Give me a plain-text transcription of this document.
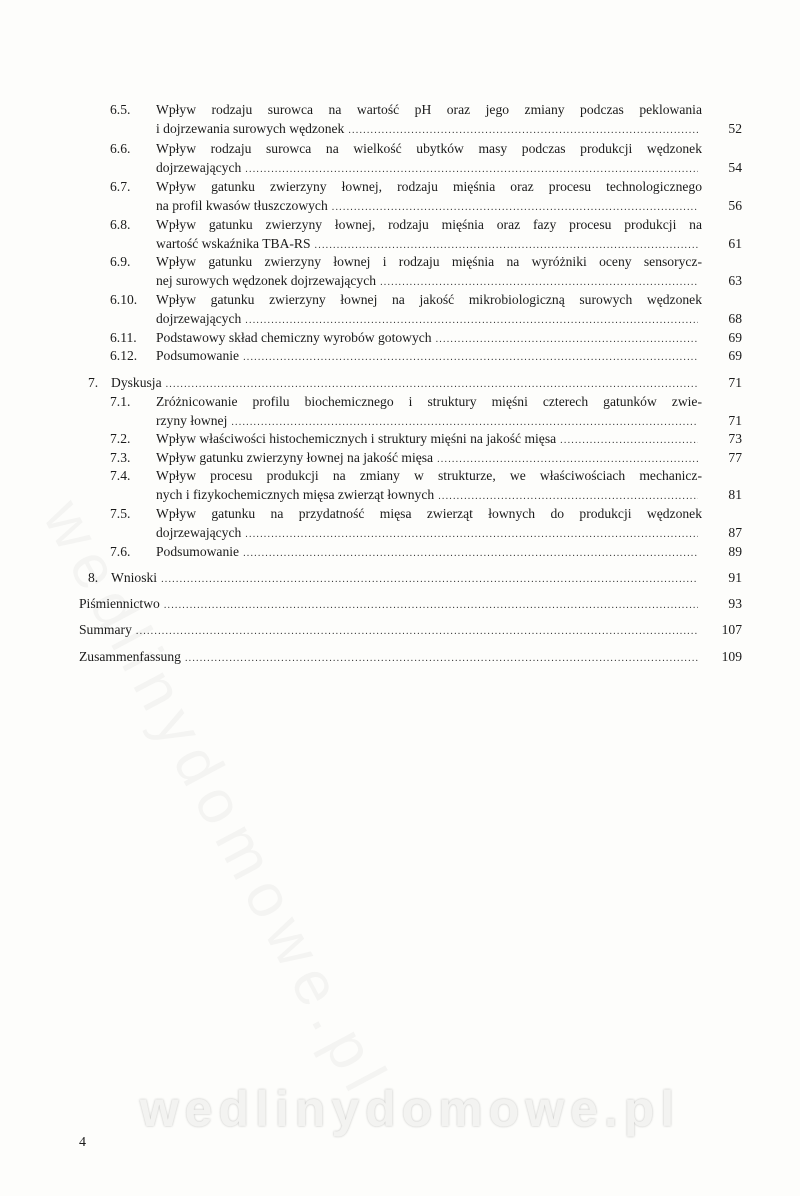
wedlinydomowe.pl
6.5. Wpływ rodzaju surowca na wartość pH oraz jego zmiany podczas peklowania
i dojrzewania surowych wędzonek .....	52
6.6. Wpływ rodzaju surowca na wielkość ubytków masy podczas produkcji wędzonek
dojrzewających .....	54
6.7. Wpływ gatunku zwierzyny łownej, rodzaju mięśnia oraz procesu technologicznego
na profil kwasów tłuszczowych .....	56
6.8. Wpływ gatunku zwierzyny łownej, rodzaju mięśnia oraz fazy procesu produkcji na
wartość wskaźnika TBA-RS .....	61
6.9. Wpływ gatunku zwierzyny łownej i rodzaju mięśnia na wyróżniki oceny sensorycz-
nej surowych wędzonek dojrzewających .....	63
6.10. Wpływ gatunku zwierzyny łownej na jakość mikrobiologiczną surowych wędzonek
dojrzewających .....	68
6.11. Podstawowy skład chemiczny wyrobów gotowych .....	69
6.12. Podsumowanie .....	69
7. Dyskusja .....	71
7.1. Zróżnicowanie profilu biochemicznego i struktury mięśni czterech gatunków zwie-
rzyny łownej .....	71
7.2. Wpływ właściwości histochemicznych i struktury mięśni na jakość mięsa .....	73
7.3. Wpływ gatunku zwierzyny łownej na jakość mięsa .....	77
7.4. Wpływ procesu produkcji na zmiany w strukturze, we właściwościach mechanicz-
nych i fizykochemicznych mięsa zwierząt łownych .....	81
7.5. Wpływ gatunku na przydatność mięsa zwierząt łownych do produkcji wędzonek
dojrzewających .....	87
7.6. Podsumowanie .....	89
8. Wnioski .....	91
Piśmiennictwo .....	93
Summary .....	107
Zusammenfassung .....	109
4
